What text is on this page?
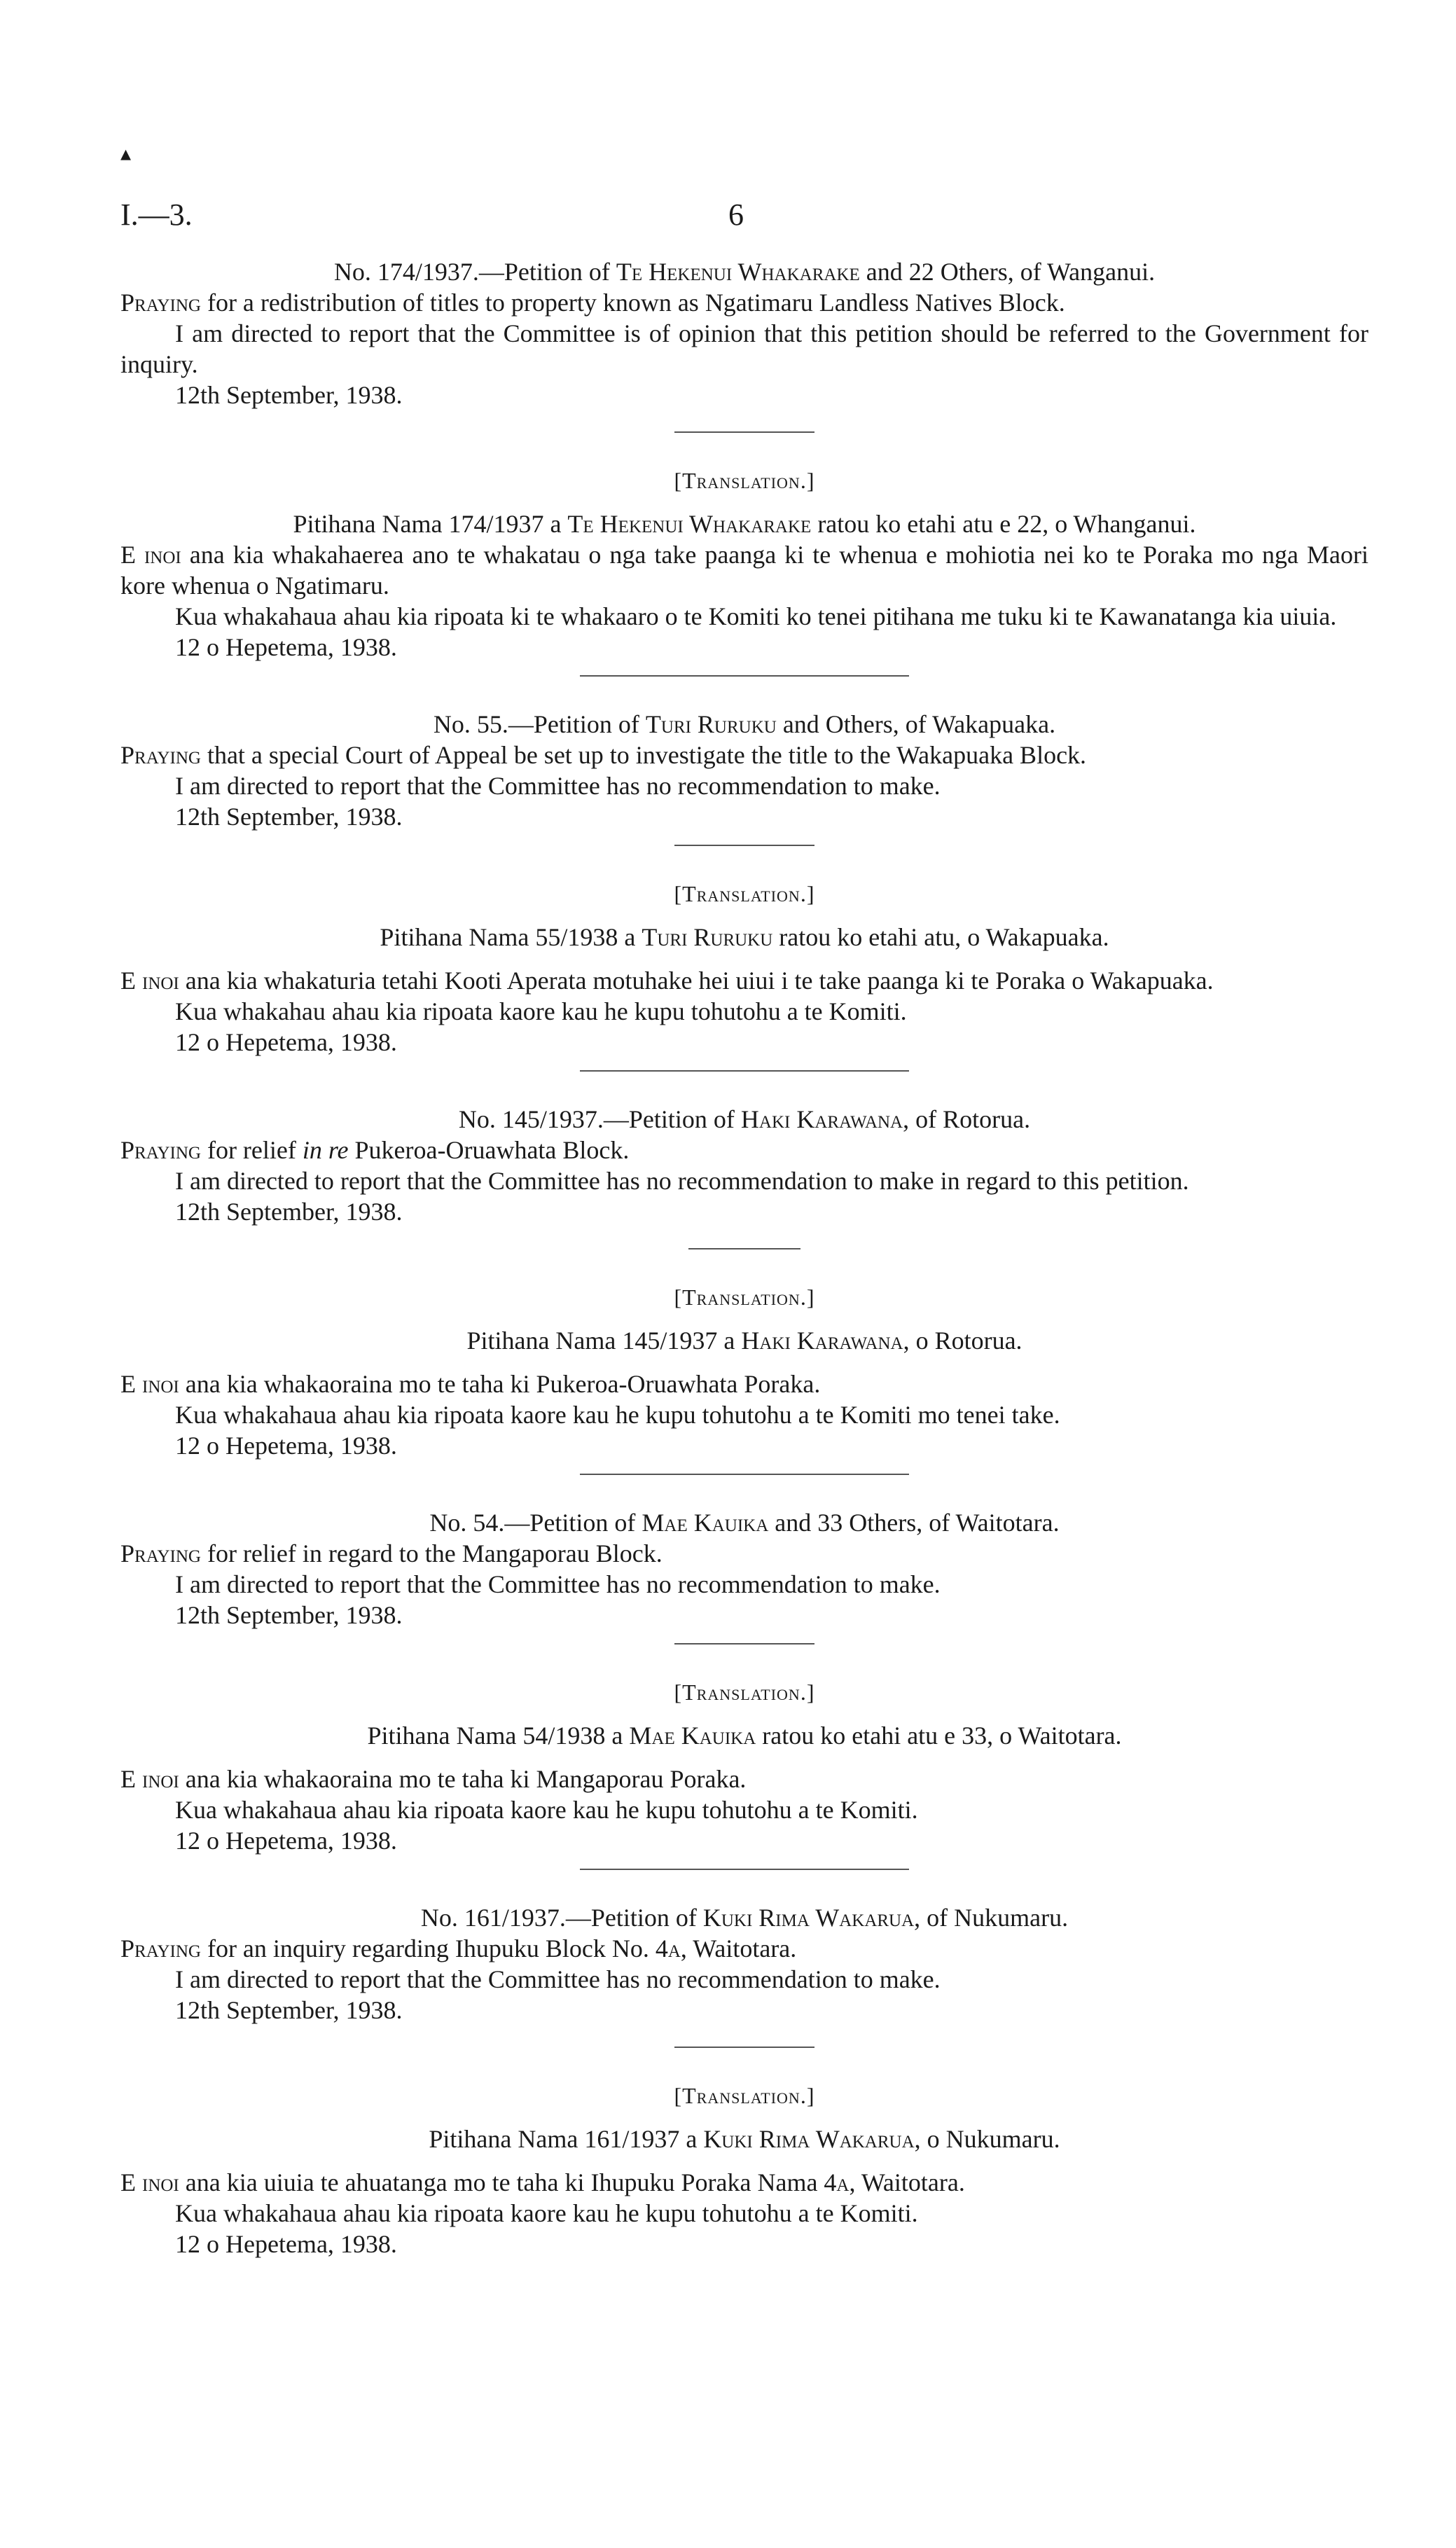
▴
I.—3.	6

No. 174/1937.—Petition of Te Hekenui Whakarake and 22 Others, of Wanganui.

Praying for a redistribution of titles to property known as Ngatimaru Landless Natives Block.

I am directed to report that the Committee is of opinion that this petition should be referred to the Government for inquiry.

12th September, 1938.

[Translation.]

Pitihana Nama 174/1937 a Te Hekenui Whakarake ratou ko etahi atu e 22, o Whanganui.

E inoi ana kia whakahaerea ano te whakatau o nga take paanga ki te whenua e mohiotia nei ko te Poraka mo nga Maori kore whenua o Ngatimaru.

Kua whakahaua ahau kia ripoata ki te whakaaro o te Komiti ko tenei pitihana me tuku ki te Kawanatanga kia uiuia.

12 o Hepetema, 1938.

No. 55.—Petition of Turi Ruruku and Others, of Wakapuaka.

Praying that a special Court of Appeal be set up to investigate the title to the Wakapuaka Block.

I am directed to report that the Committee has no recommendation to make.

12th September, 1938.

[Translation.]

Pitihana Nama 55/1938 a Turi Ruruku ratou ko etahi atu, o Wakapuaka.

E inoi ana kia whakaturia tetahi Kooti Aperata motuhake hei uiui i te take paanga ki te Poraka o Wakapuaka.

Kua whakahau ahau kia ripoata kaore kau he kupu tohutohu a te Komiti.

12 o Hepetema, 1938.

No. 145/1937.—Petition of Haki Karawana, of Rotorua.

Praying for relief in re Pukeroa-Oruawhata Block.

I am directed to report that the Committee has no recommendation to make in regard to this petition.

12th September, 1938.

[Translation.]

Pitihana Nama 145/1937 a Haki Karawana, o Rotorua.

E inoi ana kia whakaoraina mo te taha ki Pukeroa-Oruawhata Poraka.

Kua whakahaua ahau kia ripoata kaore kau he kupu tohutohu a te Komiti mo tenei take.

12 o Hepetema, 1938.

No. 54.—Petition of Mae Kauika and 33 Others, of Waitotara.

Praying for relief in regard to the Mangaporau Block.

I am directed to report that the Committee has no recommendation to make.

12th September, 1938.

[Translation.]

Pitihana Nama 54/1938 a Mae Kauika ratou ko etahi atu e 33, o Waitotara.

E inoi ana kia whakaoraina mo te taha ki Mangaporau Poraka.

Kua whakahaua ahau kia ripoata kaore kau he kupu tohutohu a te Komiti.

12 o Hepetema, 1938.

No. 161/1937.—Petition of Kuki Rima Wakarua, of Nukumaru.

Praying for an inquiry regarding Ihupuku Block No. 4a, Waitotara.

I am directed to report that the Committee has no recommendation to make.

12th September, 1938.

[Translation.]

Pitihana Nama 161/1937 a Kuki Rima Wakarua, o Nukumaru.

E inoi ana kia uiuia te ahuatanga mo te taha ki Ihupuku Poraka Nama 4a, Waitotara.

Kua whakahaua ahau kia ripoata kaore kau he kupu tohutohu a te Komiti.

12 o Hepetema, 1938.
